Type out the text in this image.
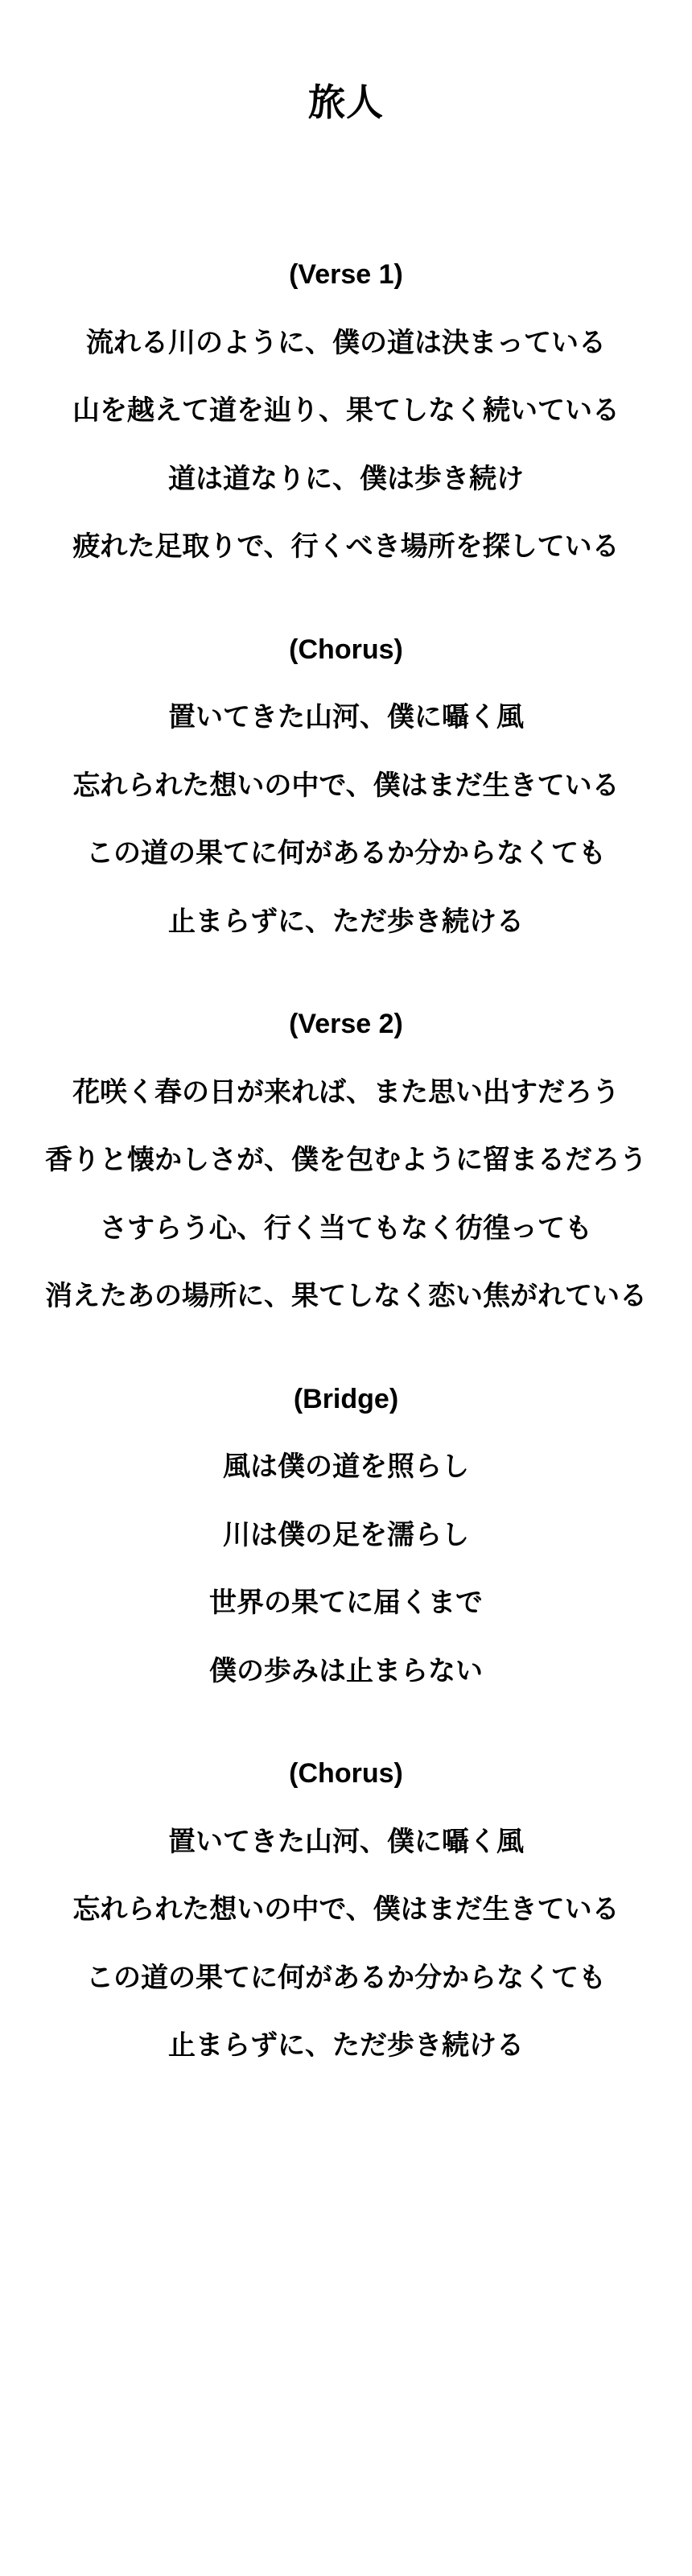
旅人

(Verse 1)

流れる川のように、僕の道は決まっている

山を越えて道を辿り、果てしなく続いている

道は道なりに、僕は歩き続け

疲れた足取りで、行くべき場所を探している

(Chorus)

置いてきた山河、僕に囁く風

忘れられた想いの中で、僕はまだ生きている

この道の果てに何があるか分からなくても

止まらずに、ただ歩き続ける

(Verse 2)

花咲く春の日が来れば、また思い出すだろう

香りと懐かしさが、僕を包むように留まるだろう

さすらう心、行く当てもなく彷徨っても

消えたあの場所に、果てしなく恋い焦がれている

(Bridge)

風は僕の道を照らし

川は僕の足を濡らし

世界の果てに届くまで

僕の歩みは止まらない

(Chorus)

置いてきた山河、僕に囁く風

忘れられた想いの中で、僕はまだ生きている

この道の果てに何があるか分からなくても

止まらずに、ただ歩き続ける
